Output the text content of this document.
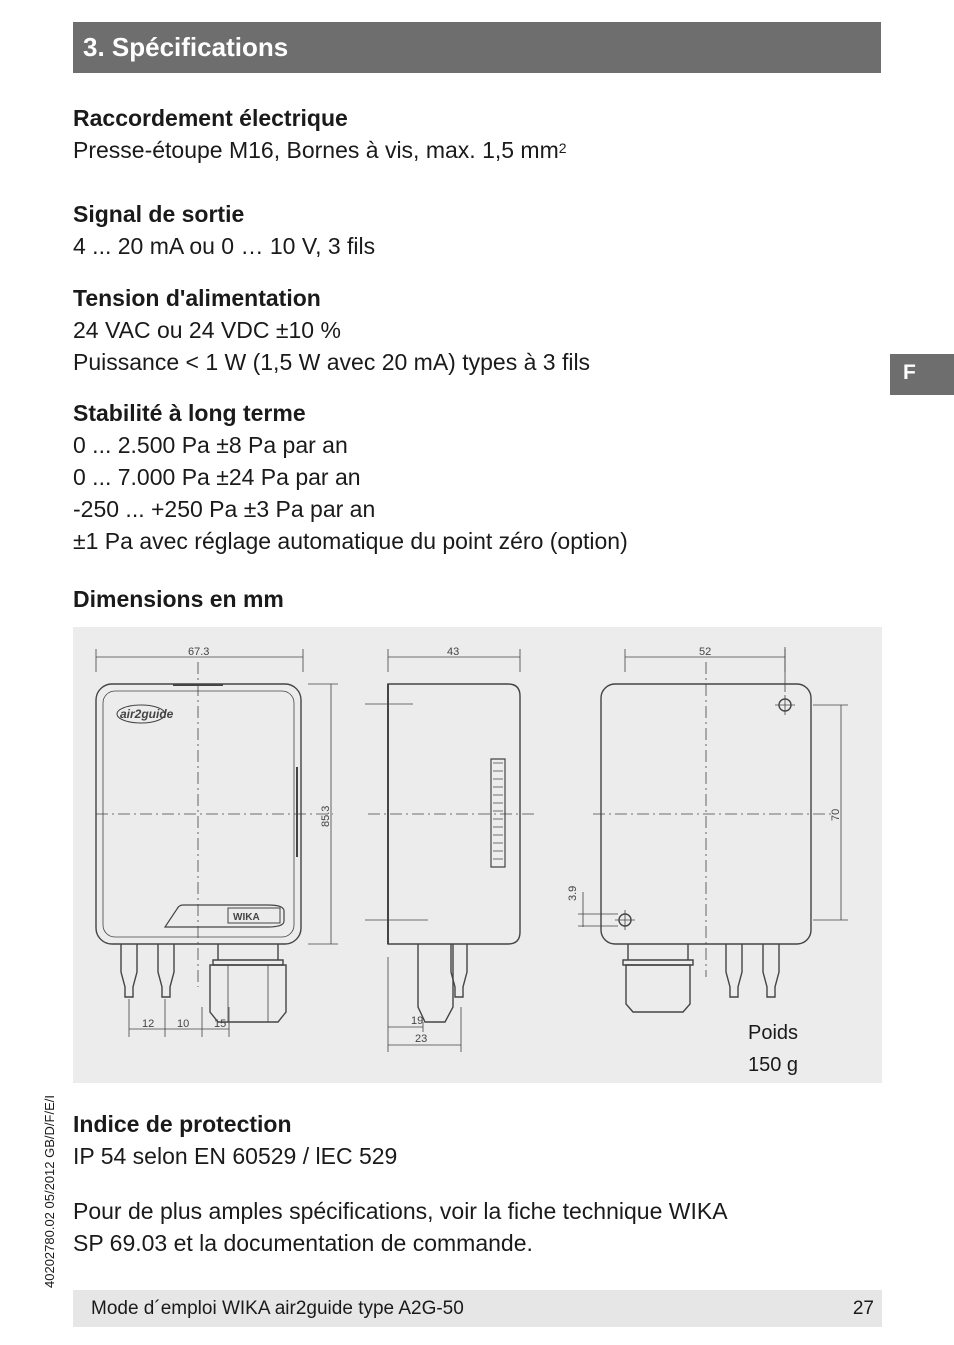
3. Spécifications
Raccordement électrique
Presse-étoupe M16, Bornes à vis, max. 1,5 $mm^2$
Signal de sortie
4 ... 20 mA ou 0 … 10 V, 3 fils
Tension d'alimentation
24 VAC ou 24 VDC ±10 %
Puissance < 1 W (1,5 W avec 20 mA) types à 3 fils	F
Stabilité à long terme
0 ... 2.500 Pa ±8 Pa par an
0 ... 7.000 Pa ±24 Pa par an
-250 ... +250 Pa ±3 Pa par an
±1 Pa avec réglage automatique du point zéro (option)
Dimensions en mm
67.3	43	52
85.3	70
3.9
12 10 15	19
23
air2guide
WIKA
Poids
150 g
Indice de protection
IP 54 selon EN 60529 / lEC 529
Pour de plus amples spécifications, voir la fiche technique WIKA
SP 69.03 et la documentation de commande.
40202780.02 05/2012 GB/D/F/E/I
Mode d´emploi WIKA air2guide type A2G-50	27
